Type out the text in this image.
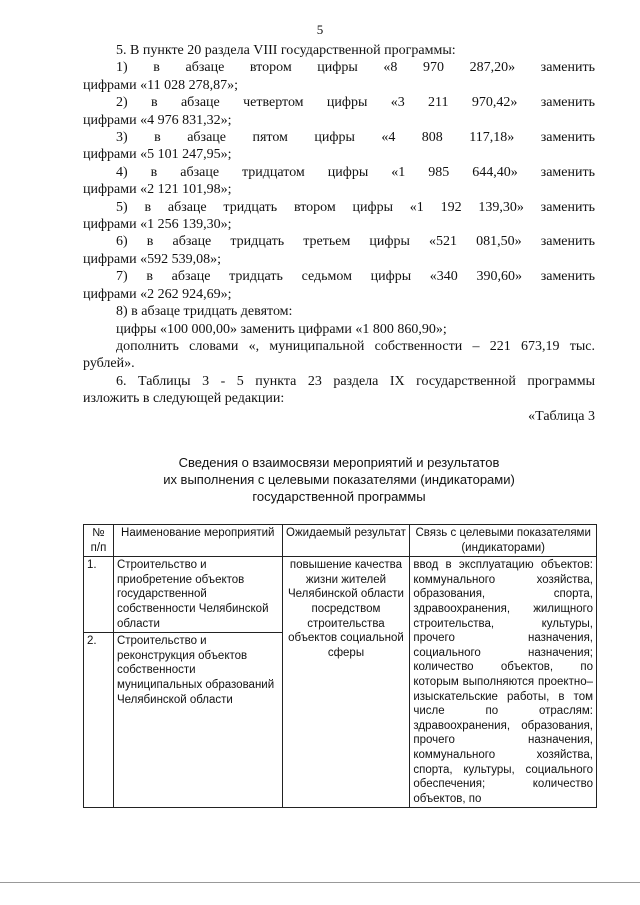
5

5. В пункте 20 раздела VIII государственной программы:

1) в абзаце втором цифры «8 970 287,20» заменить

цифрами «11 028 278,87»;

2) в абзаце четвертом цифры «3 211 970,42» заменить

цифрами «4 976 831,32»;

3) в абзаце пятом цифры «4 808 117,18» заменить

цифрами «5 101 247,95»;

4) в абзаце тридцатом цифры «1 985 644,40» заменить

цифрами «2 121 101,98»;

5) в абзаце тридцать втором цифры «1 192 139,30» заменить

цифрами «1 256 139,30»;

6) в абзаце тридцать третьем цифры «521 081,50» заменить

цифрами «592 539,08»;

7) в абзаце тридцать седьмом цифры «340 390,60» заменить

цифрами «2 262 924,69»;

8) в абзаце тридцать девятом:

цифры «100 000,00» заменить цифрами «1 800 860,90»;

дополнить словами «, муниципальной собственности – 221 673,19 тыс.

рублей».

6. Таблицы 3 - 5 пункта 23 раздела IX государственной программы

изложить в следующей редакции:

«Таблица 3

Сведения о взаимосвязи мероприятий и результатов
их выполнения с целевыми показателями (индикаторами)
государственной программы
№ п/п	Наименование мероприятий	Ожидаемый результат	Связь с целевыми показателями (индикаторами)
1.	Строительство и приобретение объектов государственной собственности Челябинской области	повышение качества жизни жителей Челябинской области посредством строительства объектов социальной сферы	ввод в эксплуатацию объектов: коммунального хозяйства, образования, спорта, здравоохранения, жилищного строительства, культуры, прочего назначения, социального назначения; количество объектов, по которым выполняются проектно–изыскательские работы, в том числе по отраслям: здравоохранения, образования, прочего назначения, коммунального хозяйства, спорта, культуры, социального обеспечения; количество объектов, по
2.	Строительство и реконструкция объектов собственности муниципальных образований Челябинской области		
